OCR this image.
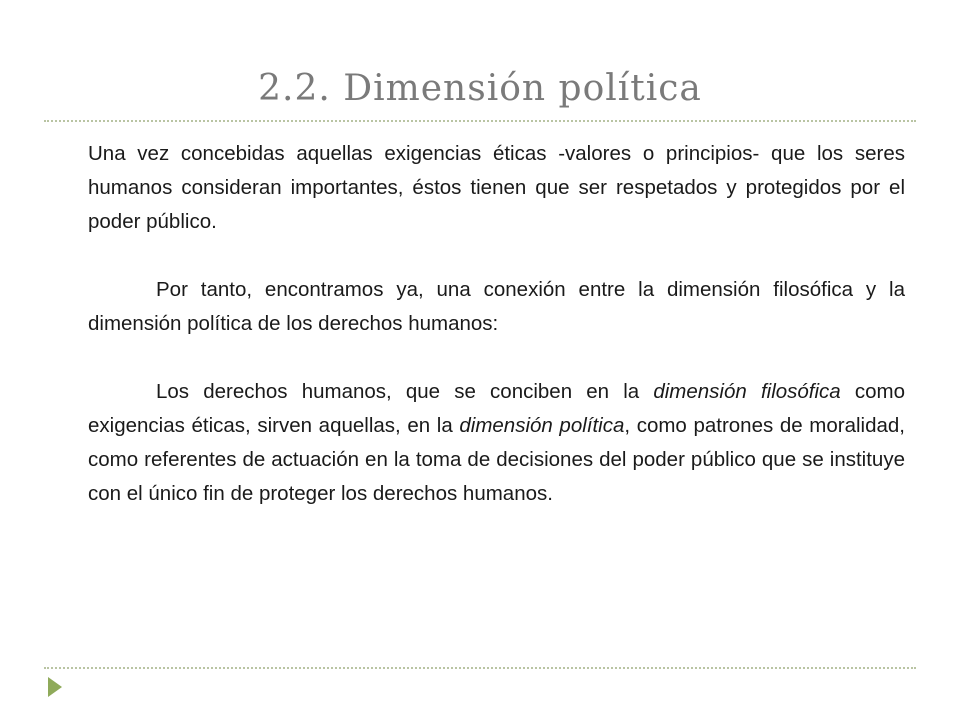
2.2. Dimensión política

Una vez concebidas aquellas exigencias éticas -valores o principios- que los seres humanos consideran importantes, éstos tienen que ser respetados y protegidos por el poder público.

Por tanto, encontramos ya, una conexión entre la dimensión filosófica y la dimensión política de los derechos humanos:

Los derechos humanos, que se conciben en la dimensión filosófica como exigencias éticas, sirven aquellas, en la dimensión política, como patrones de moralidad, como referentes de actuación en la toma de decisiones del poder público que se instituye con el único fin de proteger los derechos humanos.
